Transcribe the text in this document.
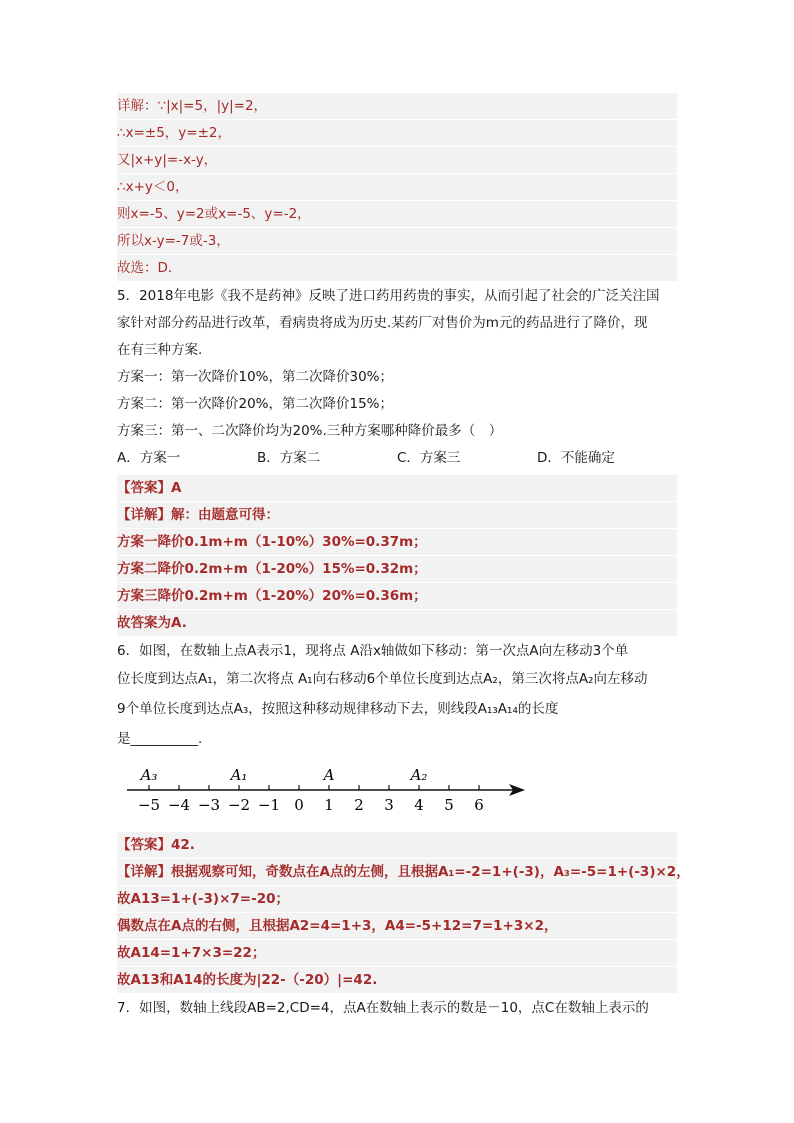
详解：∵|x|=5，|y|=2，
∴x=±5，y=±2，
又|x+y|=-x-y，
∴x+y＜0，
则x=-5、y=2或x=-5、y=-2，
所以x-y=-7或-3，
故选：D．
5．2018年电影《我不是药神》反映了进口药用药贵的事实，从而引起了社会的广泛关注国
家针对部分药品进行改革，看病贵将成为历史.某药厂对售价为m元的药品进行了降价，现
在有三种方案.
方案一：第一次降价10%，第二次降价30%；
方案二：第一次降价20%，第二次降价15%；
方案三：第一、二次降价均为20%.三种方案哪种降价最多（　）
【答案】A
【详解】解：由题意可得：
方案一降价0.1m+m（1-10%）30%=0.37m；
方案二降价0.2m+m（1-20%）15%=0.32m；
方案三降价0.2m+m（1-20%）20%=0.36m；
故答案为A.
6．如图，在数轴上点A表示1，现将点 A沿x轴做如下移动：第一次点A向左移动3个单
位长度到达点A₁，第二次将点 A₁向右移动6个单位长度到达点A₂，第三次将点A₂向左移动
9个单位长度到达点A₃，按照这种移动规律移动下去，则线段A₁₃A₁₄的长度
是__________.
【答案】42.
【详解】根据观察可知，奇数点在A点的左侧，且根据A₁=-2=1+(-3)，A₃=-5=1+(-3)×2，
故A13=1+(-3)×7=-20；
偶数点在A点的右侧，且根据A2=4=1+3，A4=-5+12=7=1+3×2，
故A14=1+7×3=22；
故A13和A14的长度为|22-（-20）|=42.
7．如图，数轴上线段AB=2,CD=4，点A在数轴上表示的数是－10，点C在数轴上表示的
A．方案一	B．方案二	C．方案三	D．不能确定
−5 −4 −3 −2 −1 0 1 2 3 4 5 6
A₃	A₁	A	A₂
